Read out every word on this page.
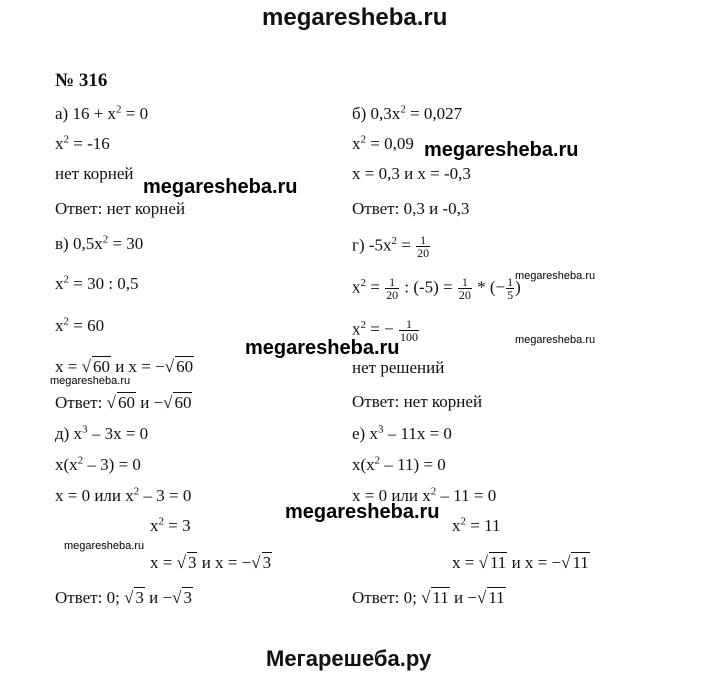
megaresheba.ru
№ 316
а) $16 + x^2 = 0$
$x^2 = -16$
нет корней
Ответ: нет корней
в) $0,5x^2 = 30$
$x^2 = 30$ : 0,5
$x^2 = 60$
x = √ 60 и x = − √ 60
Ответ: √ 60 и − √ 60
д) $x^3 - 3x = 0$
$x(x^2 - 3) = 0$
x = 0 или $x^2 - 3 = 0$
$x^2 = 3$
x = √ 3 и x = − √ 3
Ответ: 0; √ 3 и − √ 3
б) $0,3x^2 = 0,027$
$x^2 = 0,09$
x = 0,3 и x = -0,3
Ответ: 0,3 и -0,3
г) $-5x^2 = \frac{1}{20}$
$x^2 = \frac{1}{20}$ : $(-5) = \frac{1}{20}$ * (− $\frac{1}{5}$ )
$x^2$ = − $\frac{1}{100}$
нет решений
Ответ: нет корней
е) $x^3 - 11x = 0$
$x(x^2 - 11) = 0$
x = 0 или $x^2 - 11 = 0$
$x^2 = 11$
x = √ 11 и x = − √ 11
Ответ: 0; √ 11 и − √ 11
megaresheba.ru
megaresheba.ru
megaresheba.ru
megaresheba.ru
megaresheba.ru
megaresheba.ru
megaresheba.ru
megaresheba.ru
Мегарешеба.ру
